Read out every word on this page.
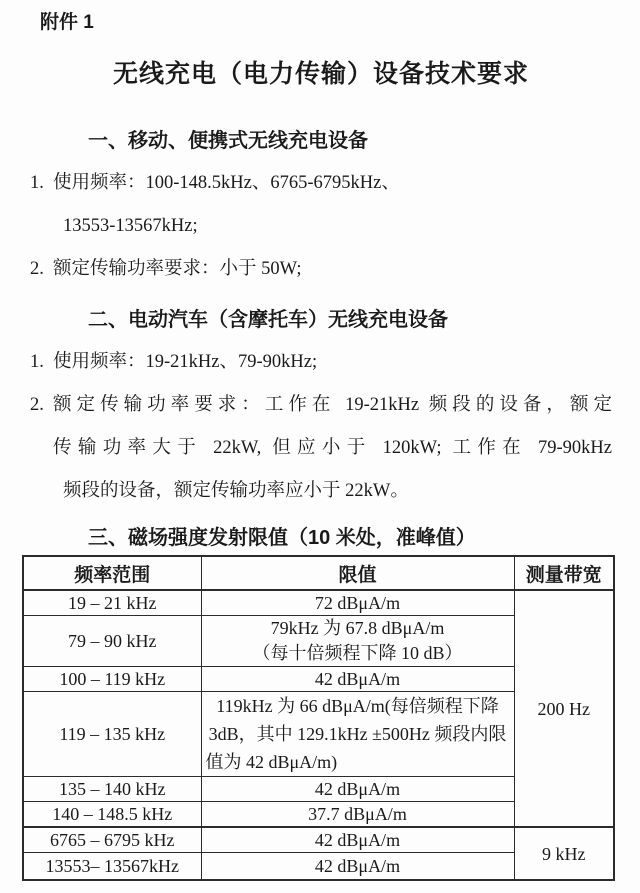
附件 1
无线充电（电力传输）设备技术要求
一、移动、便携式无线充电设备
1. 使用频率：100-148.5kHz、6765-6795kHz、
13553-13567kHz;
2. 额定传输功率要求：小于 50W;
二、电动汽车（含摩托车）无线充电设备
1. 使用频率：19-21kHz、79-90kHz;
2. 额定传输功率要求：工作在 19-21kHz 频段的设备，额定
传输功率大于 22kW, 但应小于 120kW; 工作在 79-90kHz
频段的设备，额定传输功率应小于 22kW。
三、磁场强度发射限值（10 米处，准峰值）
频率范围	限值	测量带宽
19 – 21 kHz	72 dBμA/m	200 Hz
79 – 90 kHz	79kHz 为 67.8 dBμA/m
（每十倍频程下降 10 dB）	

100 – 119 kHz	42 dBμA/m	
119 – 135 kHz	119kHz 为 66 dBμA/m(每倍频程下降 3dB，其中 129.1kHz ±500Hz 频段内限值为 42 dBμA/m)	
135 – 140 kHz	42 dBμA/m	
140 – 148.5 kHz	37.7 dBμA/m	
6765 – 6795 kHz	42 dBμA/m	9 kHz
13553– 13567kHz	42 dBμA/m	
